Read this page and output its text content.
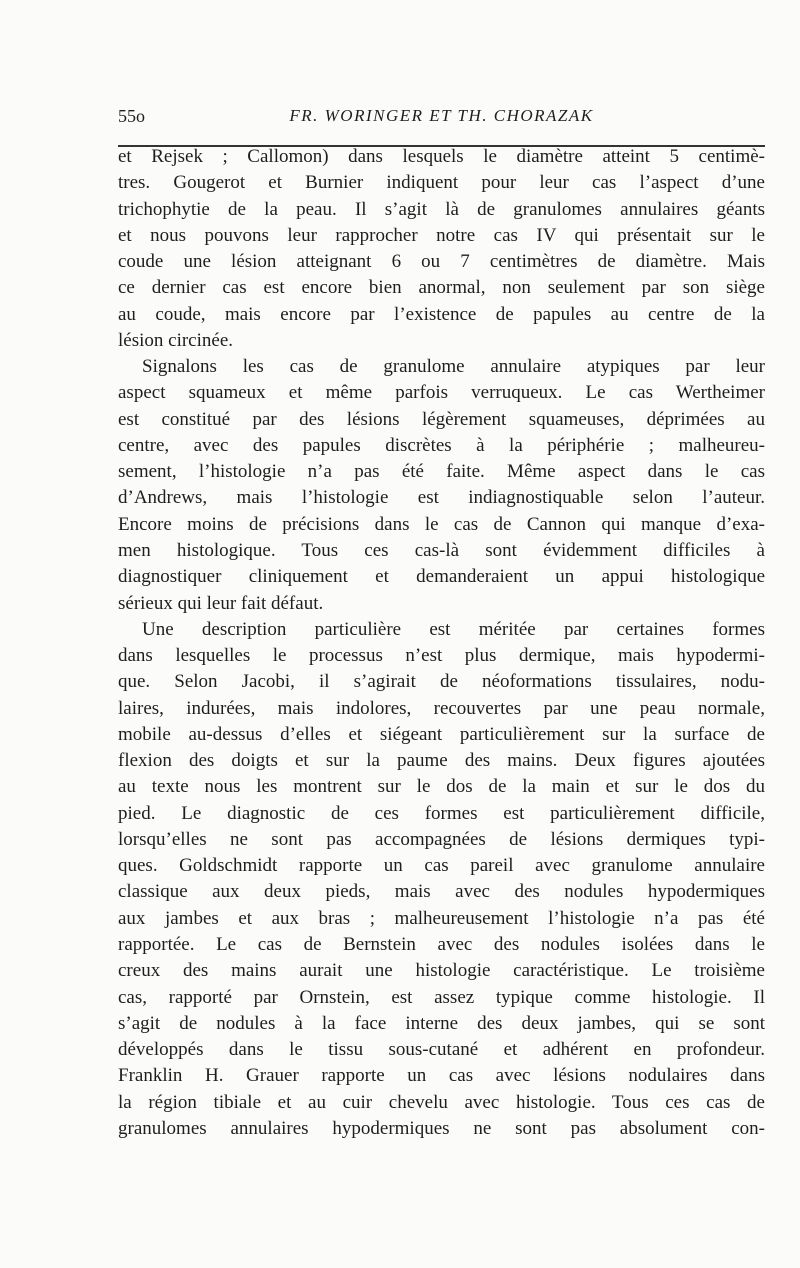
55o	FR. WORINGER ET TH. CHORAZAK
et Rejsek ; Callomon) dans lesquels le diamètre atteint 5 centimè-
tres. Gougerot et Burnier indiquent pour leur cas l’aspect d’une
trichophytie de la peau. Il s’agit là de granulomes annulaires géants
et nous pouvons leur rapprocher notre cas IV qui présentait sur le
coude une lésion atteignant 6 ou 7 centimètres de diamètre. Mais
ce dernier cas est encore bien anormal, non seulement par son siège
au coude, mais encore par l’existence de papules au centre de la
lésion circinée.
Signalons les cas de granulome annulaire atypiques par leur
aspect squameux et même parfois verruqueux. Le cas Wertheimer
est constitué par des lésions légèrement squameuses, déprimées au
centre, avec des papules discrètes à la périphérie ; malheureu-
sement, l’histologie n’a pas été faite. Même aspect dans le cas
d’Andrews, mais l’histologie est indiagnostiquable selon l’auteur.
Encore moins de précisions dans le cas de Cannon qui manque d’exa-
men histologique. Tous ces cas-là sont évidemment difficiles à
diagnostiquer cliniquement et demanderaient un appui histologique
sérieux qui leur fait défaut.
Une description particulière est méritée par certaines formes
dans lesquelles le processus n’est plus dermique, mais hypodermi-
que. Selon Jacobi, il s’agirait de néoformations tissulaires, nodu-
laires, indurées, mais indolores, recouvertes par une peau normale,
mobile au-dessus d’elles et siégeant particulièrement sur la surface de
flexion des doigts et sur la paume des mains. Deux figures ajoutées
au texte nous les montrent sur le dos de la main et sur le dos du
pied. Le diagnostic de ces formes est particulièrement difficile,
lorsqu’elles ne sont pas accompagnées de lésions dermiques typi-
ques. Goldschmidt rapporte un cas pareil avec granulome annulaire
classique aux deux pieds, mais avec des nodules hypodermiques
aux jambes et aux bras ; malheureusement l’histologie n’a pas été
rapportée. Le cas de Bernstein avec des nodules isolées dans le
creux des mains aurait une histologie caractéristique. Le troisième
cas, rapporté par Ornstein, est assez typique comme histologie. Il
s’agit de nodules à la face interne des deux jambes, qui se sont
développés dans le tissu sous-cutané et adhérent en profondeur.
Franklin H. Grauer rapporte un cas avec lésions nodulaires dans
la région tibiale et au cuir chevelu avec histologie. Tous ces cas de
granulomes annulaires hypodermiques ne sont pas absolument con-
